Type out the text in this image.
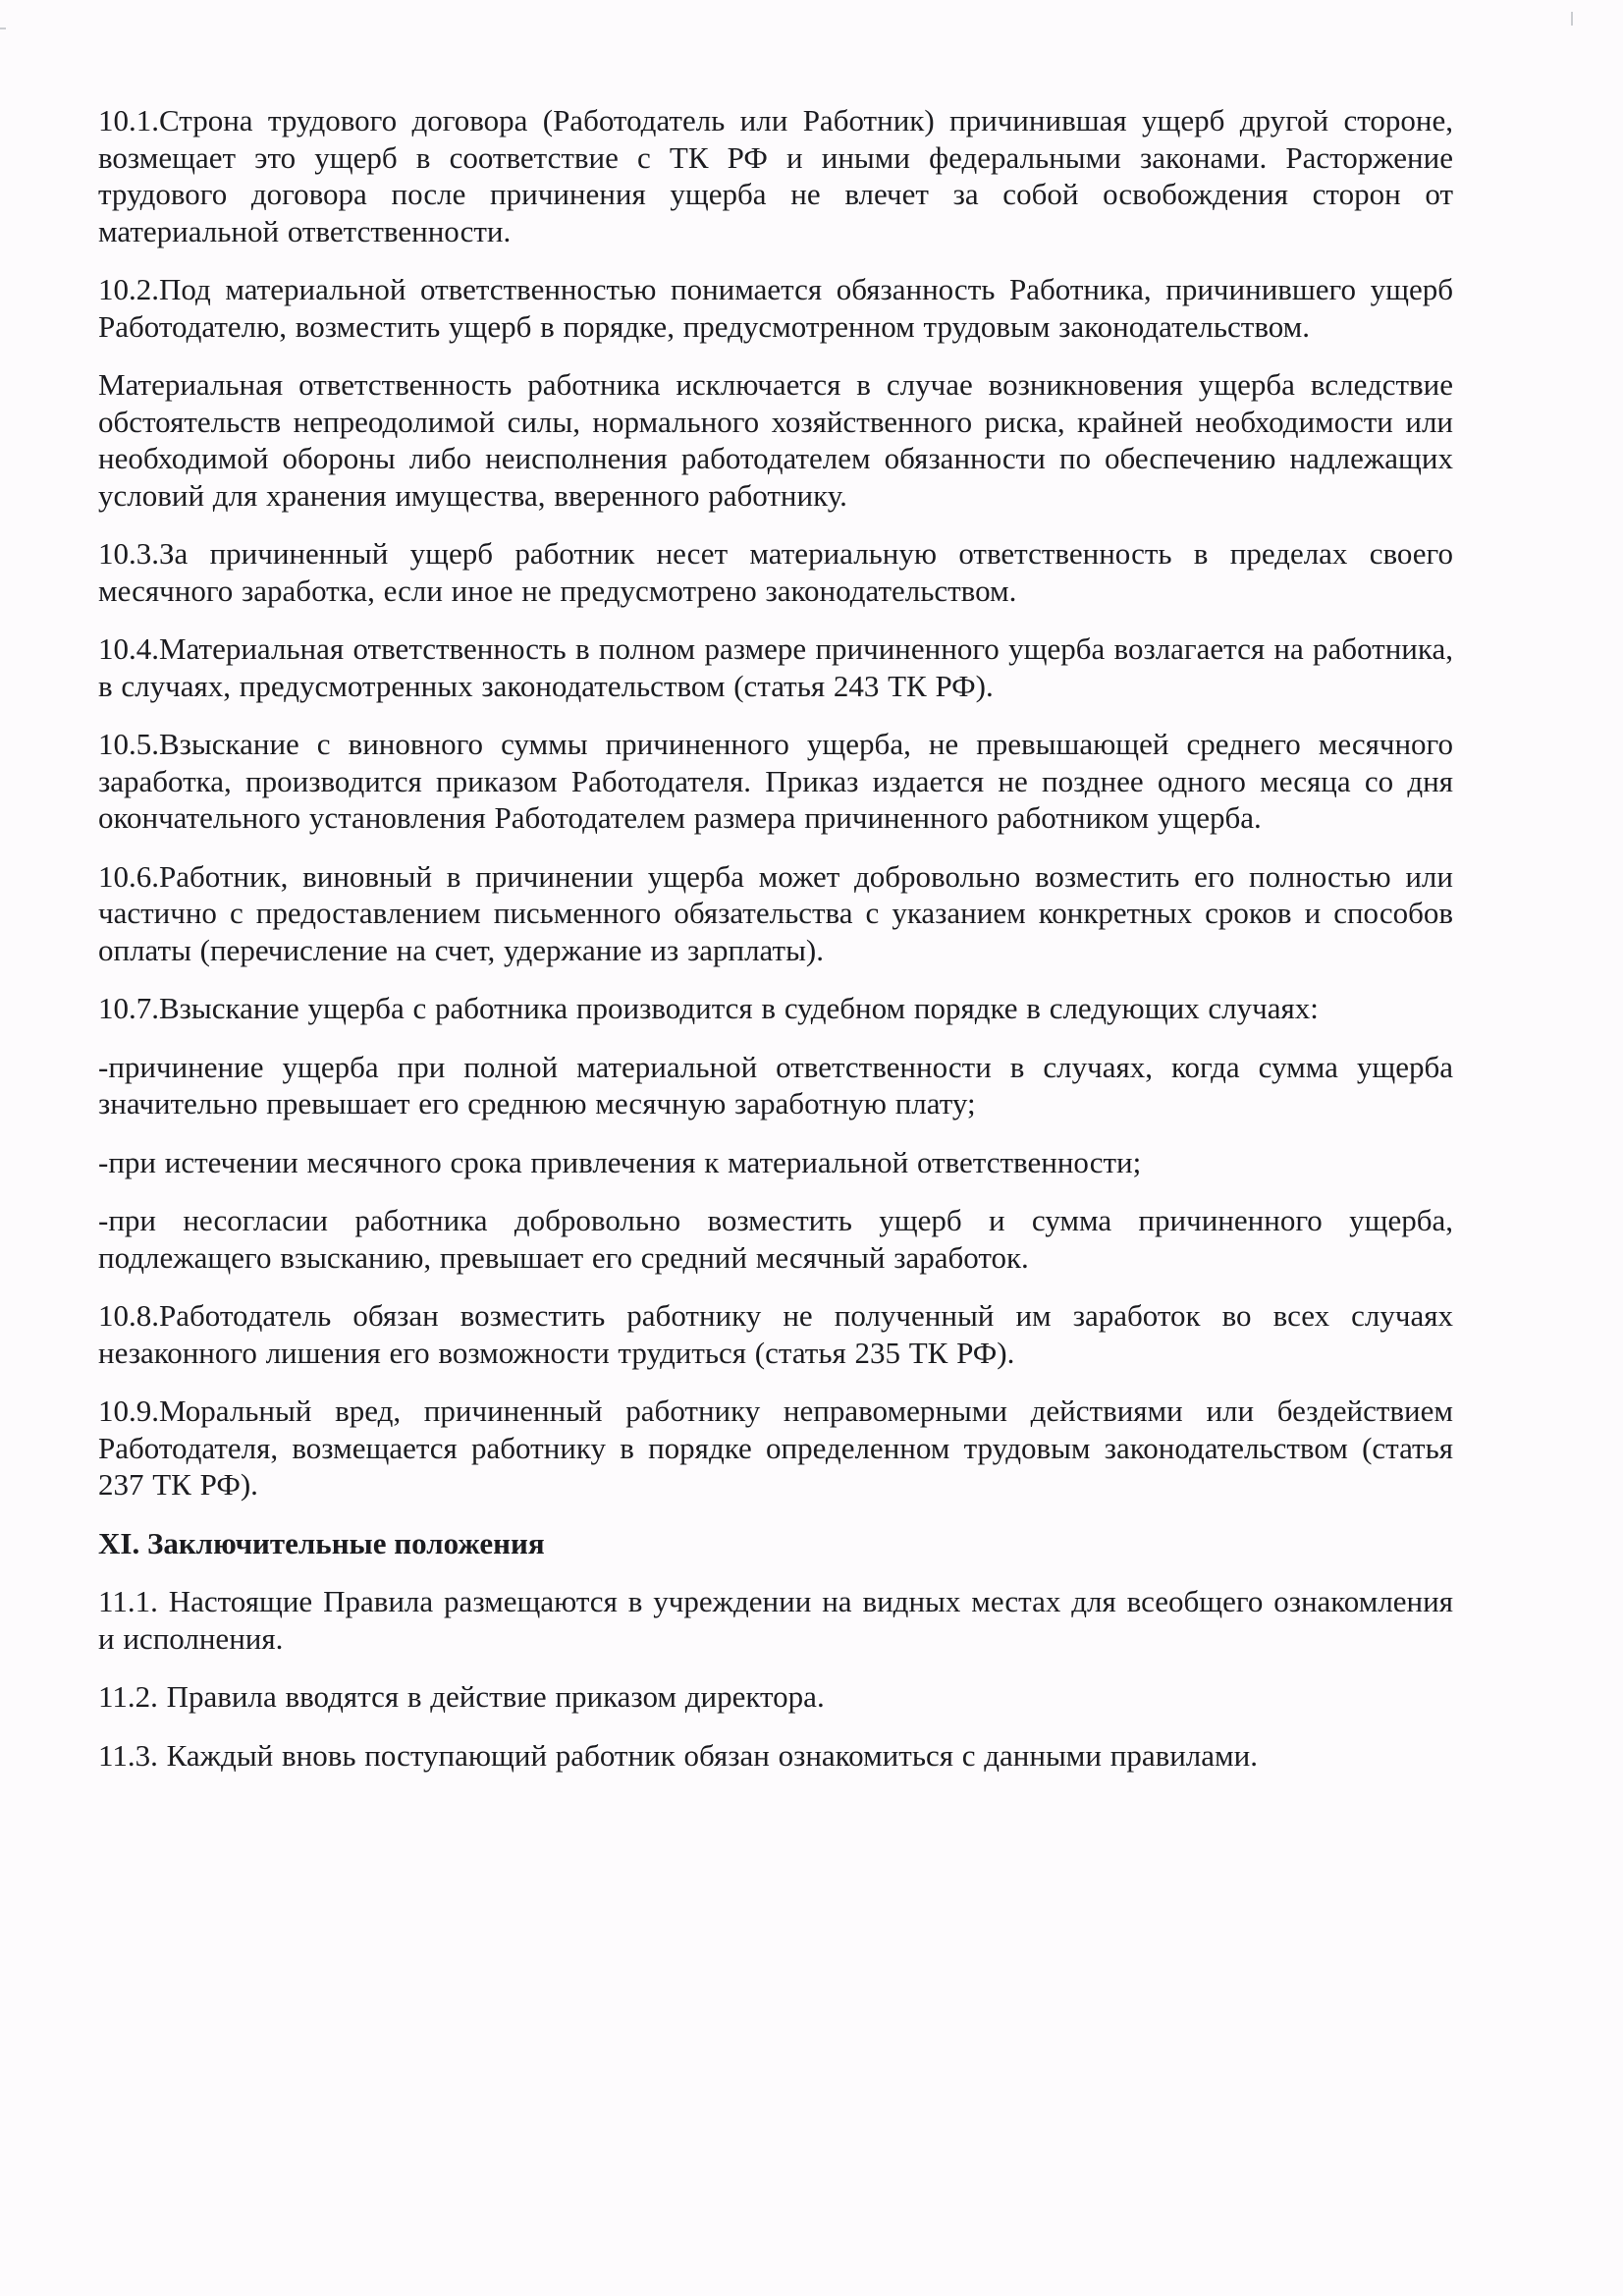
10.1.Строна трудового договора (Работодатель или Работник) причинившая ущерб другой стороне, возмещает это ущерб в соответствие с ТК РФ и иными федеральными законами. Расторжение трудового договора после причинения ущерба не влечет за собой освобождения сторон от материальной ответственности.

10.2.Под материальной ответственностью понимается обязанность Работника, причинившего ущерб Работодателю, возместить ущерб в порядке, предусмотренном трудовым законодательством.

Материальная ответственность работника исключается в случае возникновения ущерба вследствие обстоятельств непреодолимой силы, нормального хозяйственного риска, крайней необходимости или необходимой обороны либо неисполнения работодателем обязанности по обеспечению надлежащих условий для хранения имущества, вверенного работнику.

10.3.За причиненный ущерб работник несет материальную ответственность в пределах своего месячного заработка, если иное не предусмотрено законодательством.

10.4.Материальная ответственность в полном размере причиненного ущерба возлагается на работника, в случаях, предусмотренных законодательством (статья 243 ТК РФ).

10.5.Взыскание с виновного суммы причиненного ущерба, не превышающей среднего месячного заработка, производится приказом Работодателя. Приказ издается не позднее одного месяца со дня окончательного установления Работодателем размера причиненного работником ущерба.

10.6.Работник, виновный в причинении ущерба может добровольно возместить его полностью или частично с предоставлением письменного обязательства с указанием конкретных сроков и способов оплаты (перечисление на счет, удержание из зарплаты).

10.7.Взыскание ущерба с работника производится в судебном порядке в следующих случаях:

-причинение ущерба при полной материальной ответственности в случаях, когда сумма ущерба значительно превышает его среднюю месячную заработную плату;

-при истечении месячного срока привлечения к материальной ответственности;

-при несогласии работника добровольно возместить ущерб и сумма причиненного ущерба, подлежащего взысканию, превышает его средний месячный заработок.

10.8.Работодатель обязан возместить работнику не полученный им заработок во всех случаях незаконного лишения его возможности трудиться (статья 235 ТК РФ).

10.9.Моральный вред, причиненный работнику неправомерными действиями или бездействием Работодателя, возмещается работнику в порядке определенном трудовым законодательством (статья 237 ТК РФ).

XI. Заключительные положения

11.1. Настоящие Правила размещаются в учреждении на видных местах для всеобщего ознакомления и исполнения.

11.2. Правила вводятся в действие приказом директора.

11.3. Каждый вновь поступающий работник обязан ознакомиться с данными правилами.
